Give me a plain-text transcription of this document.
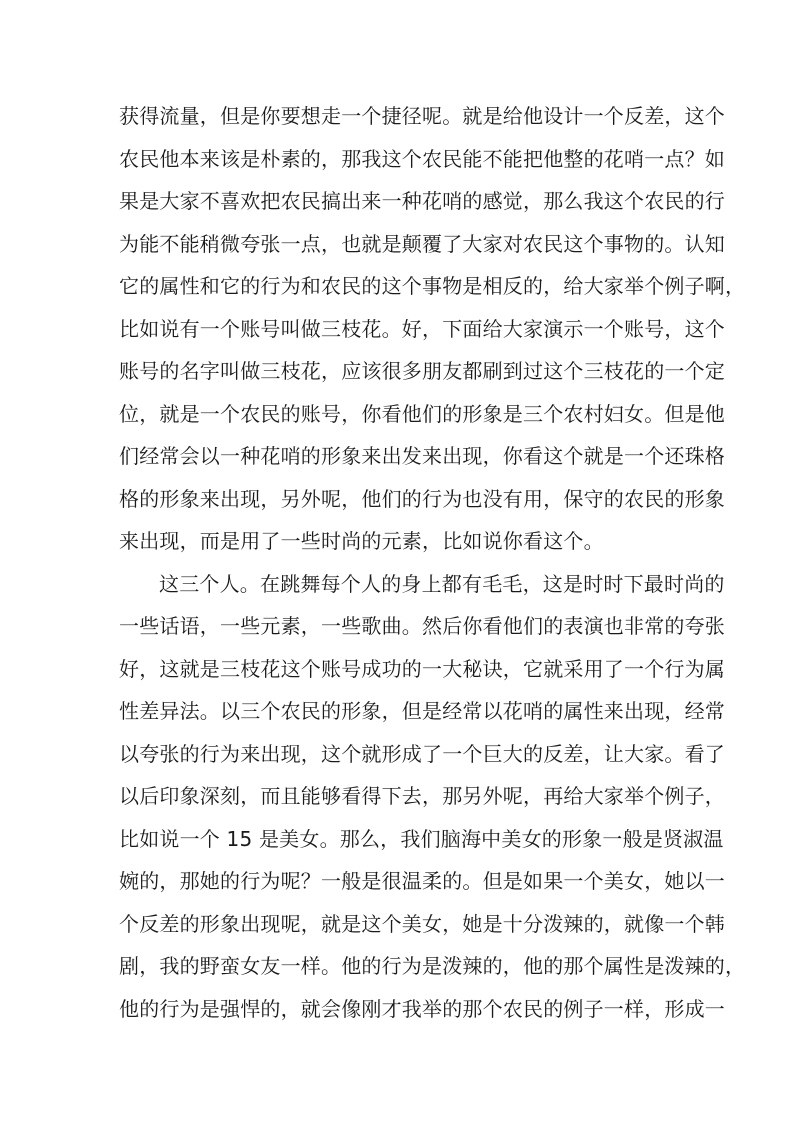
获得流量，但是你要想走一个捷径呢。就是给他设计一个反差，这个
农民他本来该是朴素的，那我这个农民能不能把他整的花哨一点？如
果是大家不喜欢把农民搞出来一种花哨的感觉，那么我这个农民的行
为能不能稍微夸张一点，也就是颠覆了大家对农民这个事物的。认知
它的属性和它的行为和农民的这个事物是相反的，给大家举个例子啊，
比如说有一个账号叫做三枝花。好，下面给大家演示一个账号，这个
账号的名字叫做三枝花，应该很多朋友都刷到过这个三枝花的一个定
位，就是一个农民的账号，你看他们的形象是三个农村妇女。但是他
们经常会以一种花哨的形象来出发来出现，你看这个就是一个还珠格
格的形象来出现，另外呢，他们的行为也没有用，保守的农民的形象
来出现，而是用了一些时尚的元素，比如说你看这个。
这三个人。在跳舞每个人的身上都有毛毛，这是时时下最时尚的
一些话语，一些元素，一些歌曲。然后你看他们的表演也非常的夸张
好，这就是三枝花这个账号成功的一大秘诀，它就采用了一个行为属
性差异法。以三个农民的形象，但是经常以花哨的属性来出现，经常
以夸张的行为来出现，这个就形成了一个巨大的反差，让大家。看了
以后印象深刻，而且能够看得下去，那另外呢，再给大家举个例子，
比如说一个 15 是美女。那么，我们脑海中美女的形象一般是贤淑温
婉的，那她的行为呢？一般是很温柔的。但是如果一个美女，她以一
个反差的形象出现呢，就是这个美女，她是十分泼辣的，就像一个韩
剧，我的野蛮女友一样。他的行为是泼辣的，他的那个属性是泼辣的，
他的行为是强悍的，就会像刚才我举的那个农民的例子一样，形成一
